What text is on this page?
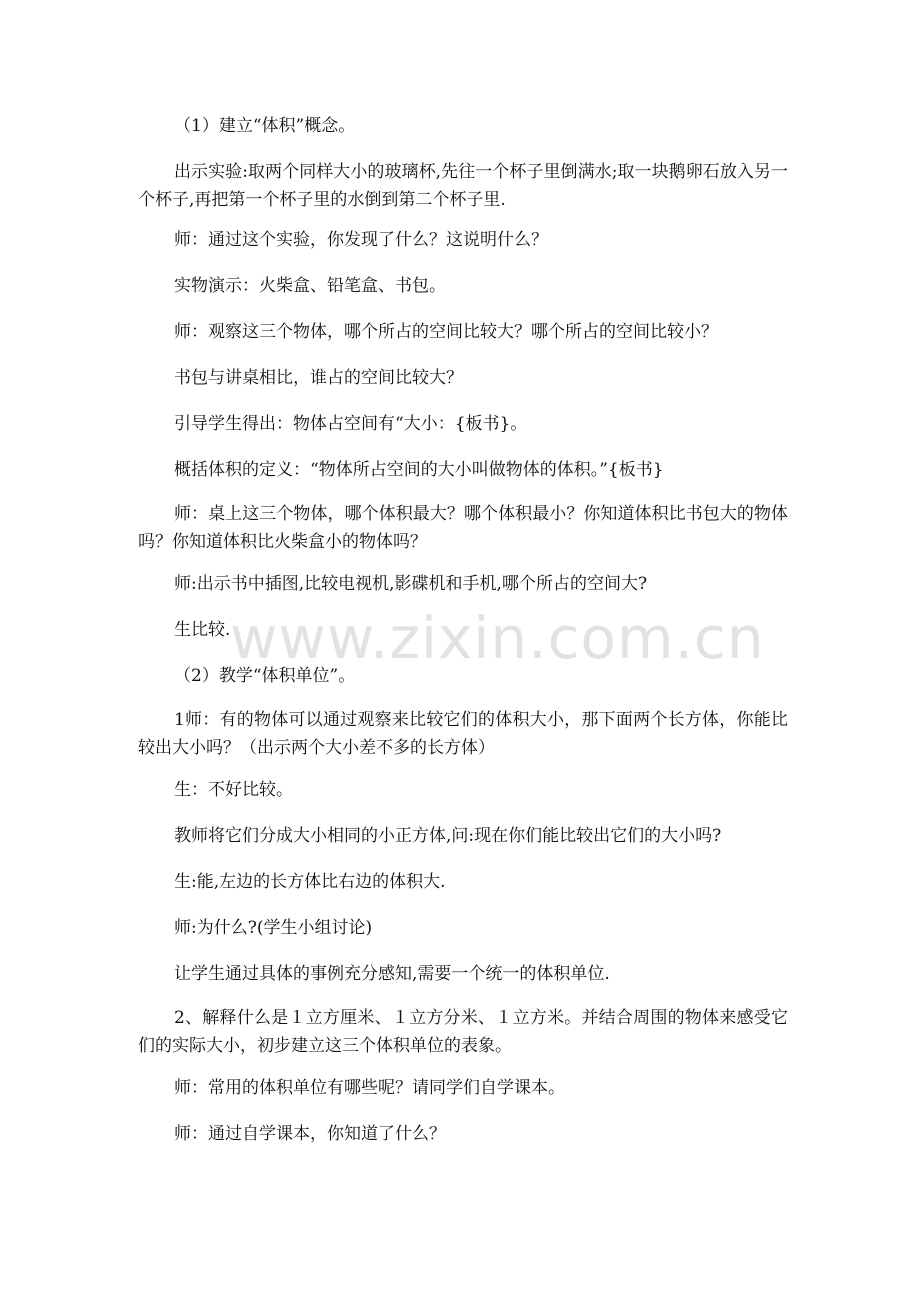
（1）建立“体积”概念。

出示实验:取两个同样大小的玻璃杯,先往一个杯子里倒满水;取一块鹅卵石放入另一个杯子,再把第一个杯子里的水倒到第二个杯子里.

师：通过这个实验，你发现了什么？这说明什么？

实物演示：火柴盒、铅笔盒、书包。

师：观察这三个物体，哪个所占的空间比较大？哪个所占的空间比较小？

书包与讲桌相比，谁占的空间比较大？

引导学生得出：物体占空间有“大小：{板书}。

概括体积的定义：“物体所占空间的大小叫做物体的体积。”{板书}

师：桌上这三个物体，哪个体积最大？哪个体积最小？你知道体积比书包大的物体吗？你知道体积比火柴盒小的物体吗？

师:出示书中插图,比较电视机,影碟机和手机,哪个所占的空间大?

生比较.

（2）教学“体积单位”。

1师：有的物体可以通过观察来比较它们的体积大小，那下面两个长方体，你能比较出大小吗？（出示两个大小差不多的长方体）

生：不好比较。

教师将它们分成大小相同的小正方体,问:现在你们能比较出它们的大小吗?

生:能,左边的长方体比右边的体积大.

师:为什么?(学生小组讨论)

让学生通过具体的事例充分感知,需要一个统一的体积单位.

2、解释什么是１立方厘米、１立方分米、１立方米。并结合周围的物体来感受它们的实际大小，初步建立这三个体积单位的表象。

师：常用的体积单位有哪些呢？请同学们自学课本。

师：通过自学课本，你知道了什么？

www.zixin.com.cn
